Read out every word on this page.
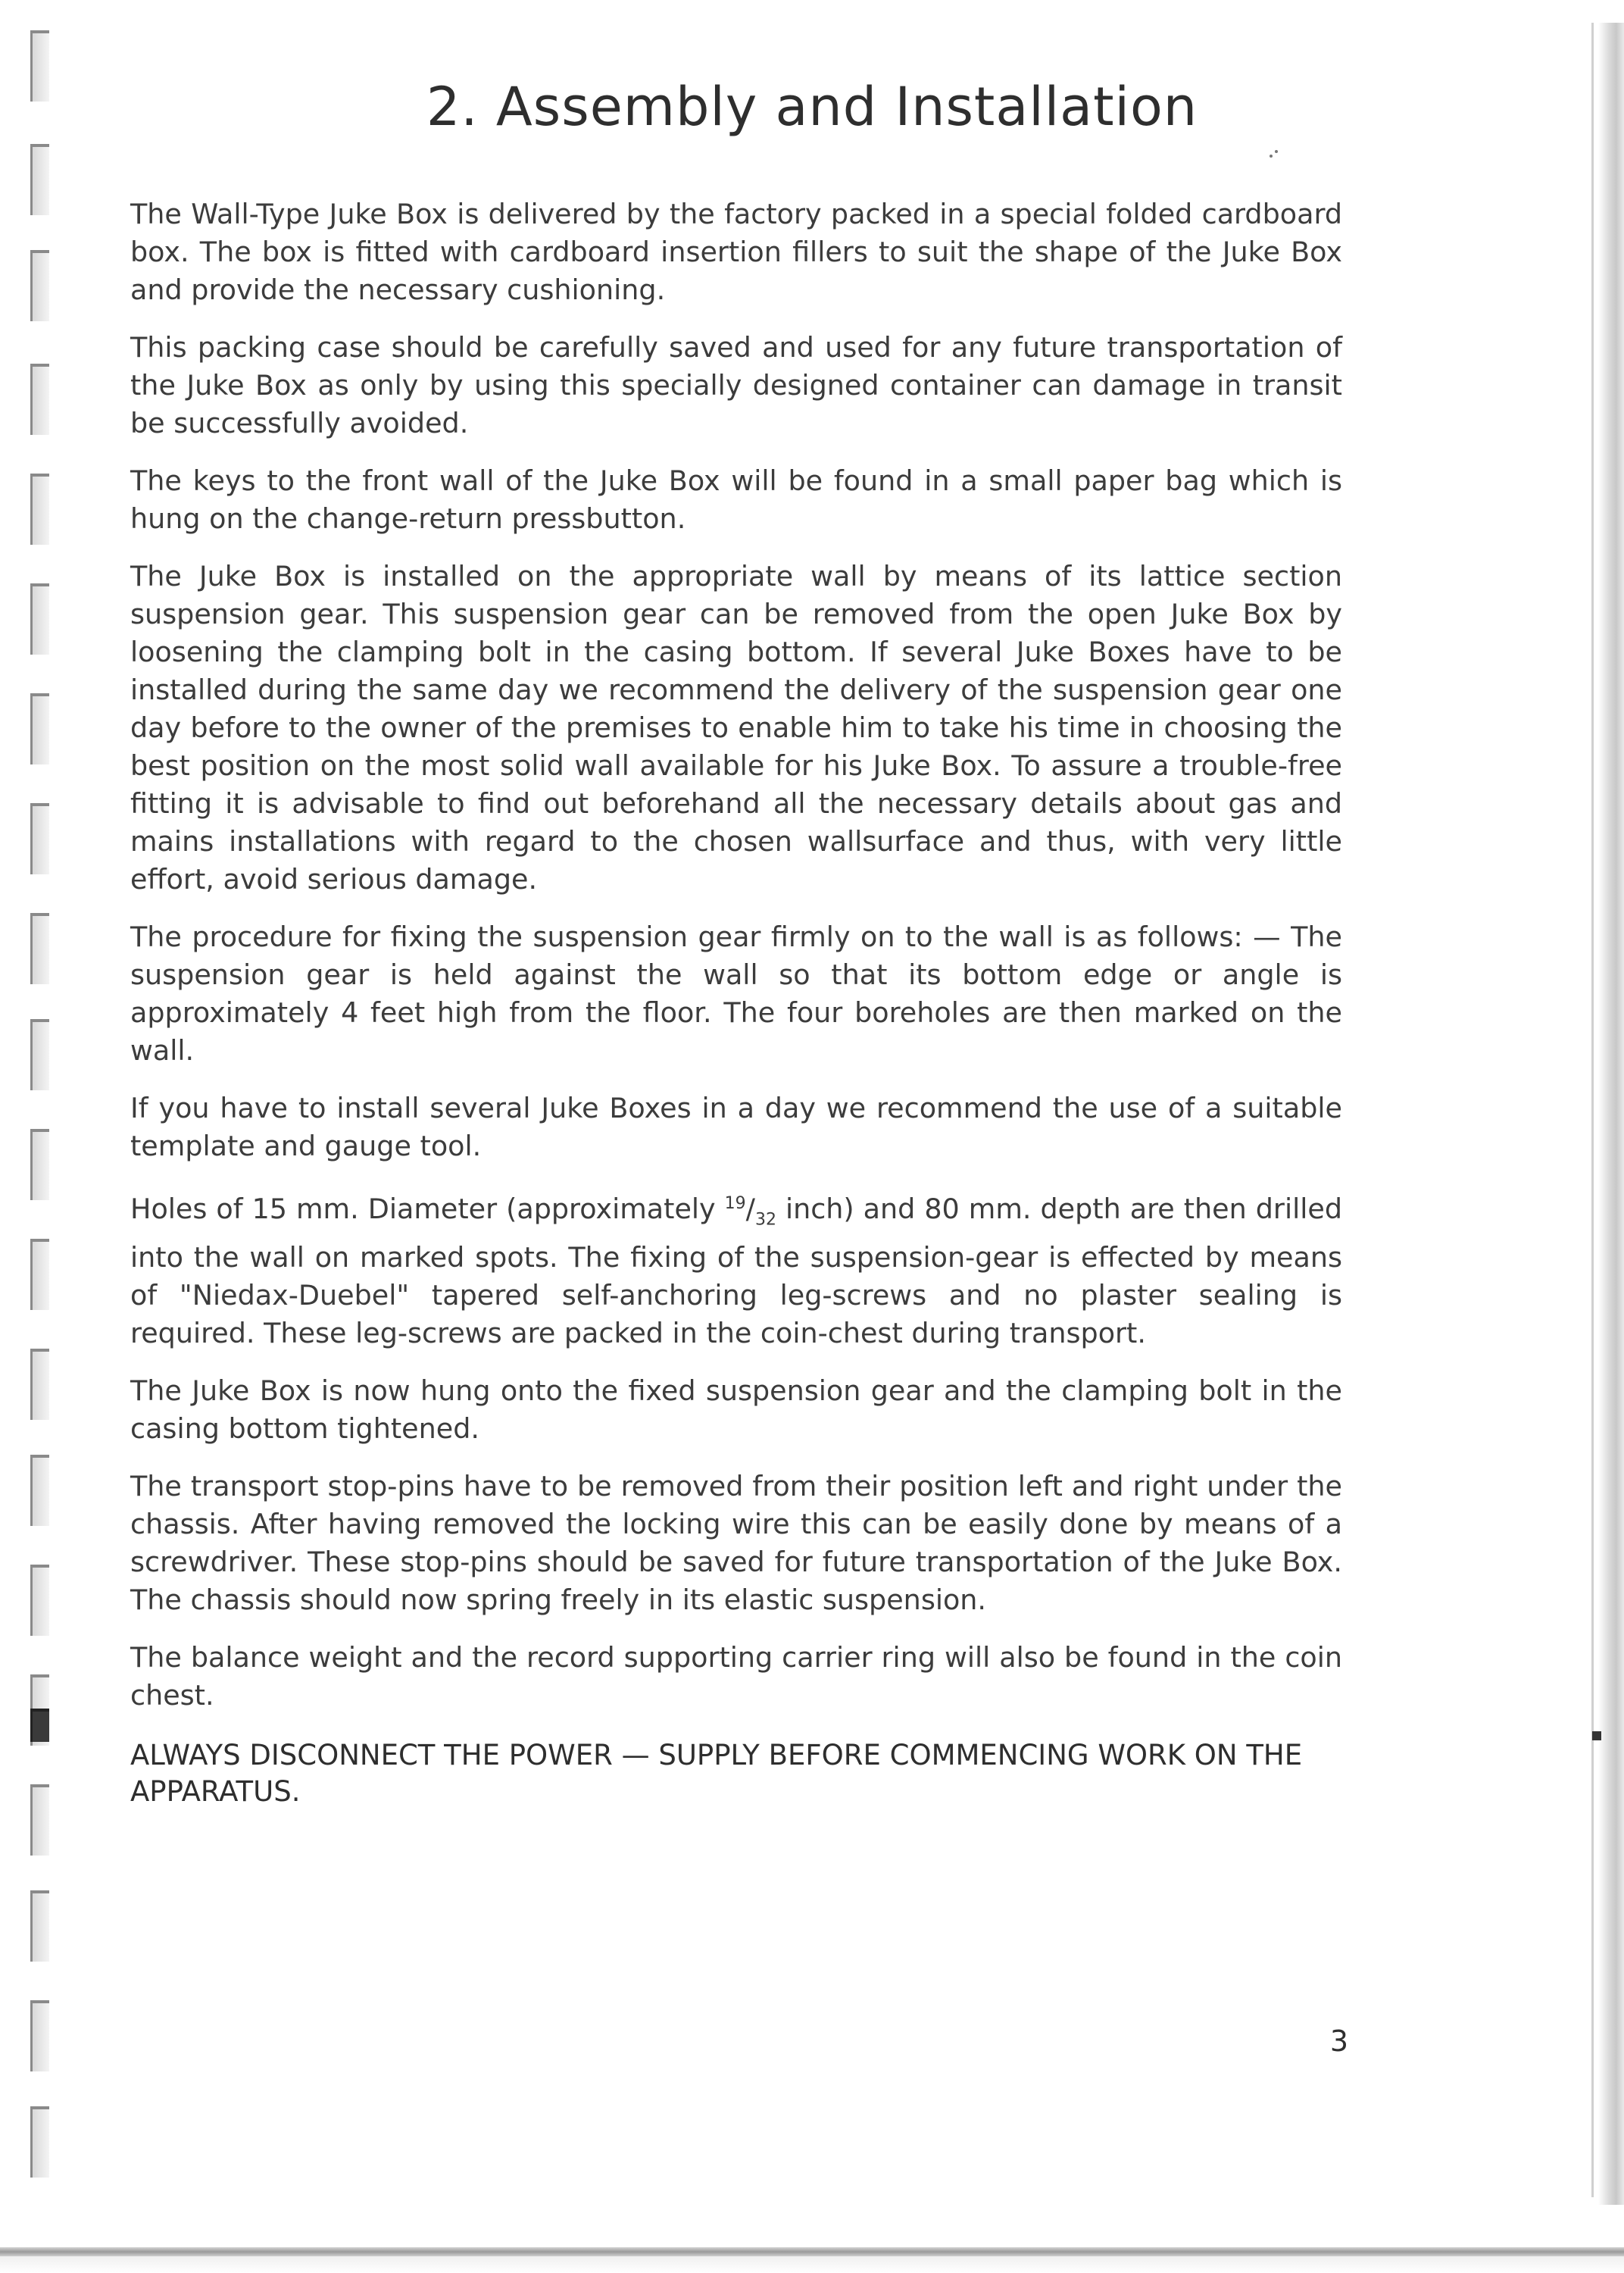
2. Assembly and Installation

The Wall-Type Juke Box is delivered by the factory packed in a special folded cardboard box. The box is fitted with cardboard insertion fillers to suit the shape of the Juke Box and provide the necessary cushioning.

This packing case should be carefully saved and used for any future transportation of the Juke Box as only by using this specially designed container can damage in transit be successfully avoided.

The keys to the front wall of the Juke Box will be found in a small paper bag which is hung on the change-return pressbutton.

The Juke Box is installed on the appropriate wall by means of its lattice section suspension gear. This suspension gear can be removed from the open Juke Box by loosening the clamping bolt in the casing bottom. If several Juke Boxes have to be installed during the same day we recommend the delivery of the suspension gear one day before to the owner of the premises to enable him to take his time in choosing the best position on the most solid wall available for his Juke Box. To assure a trouble-free fitting it is advisable to find out beforehand all the necessary details about gas and mains installations with regard to the chosen wallsurface and thus, with very little effort, avoid serious damage.

The procedure for fixing the suspension gear firmly on to the wall is as follows: — The suspension gear is held against the wall so that its bottom edge or angle is approximately 4 feet high from the floor. The four boreholes are then marked on the wall.

If you have to install several Juke Boxes in a day we recommend the use of a suitable template and gauge tool.

Holes of 15 mm. Diameter (approximately $^{19}/_{32}$ inch) and 80 mm. depth are then drilled into the wall on marked spots. The fixing of the suspension-gear is effected by means of "Niedax-Duebel" tapered self-anchoring leg-screws and no plaster sealing is required. These leg-screws are packed in the coin-chest during transport.

The Juke Box is now hung onto the fixed suspension gear and the clamping bolt in the casing bottom tightened.

The transport stop-pins have to be removed from their position left and right under the chassis. After having removed the locking wire this can be easily done by means of a screwdriver. These stop-pins should be saved for future transportation of the Juke Box. The chassis should now spring freely in its elastic suspension.

The balance weight and the record supporting carrier ring will also be found in the coin chest.

ALWAYS DISCONNECT THE POWER — SUPPLY BEFORE COMMENCING WORK ON THE APPARATUS.

3
